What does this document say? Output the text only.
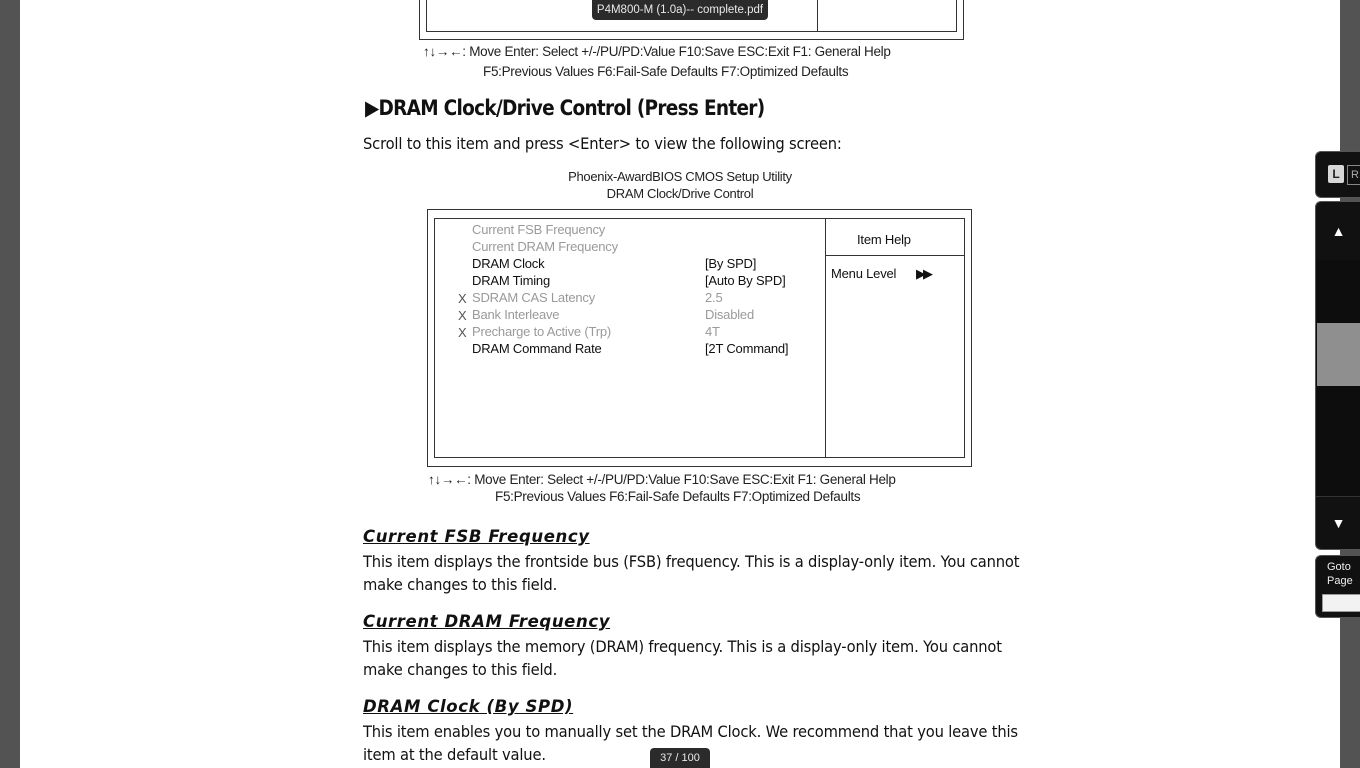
↑↓→←: Move Enter: Select +/-/PU/PD:Value F10:Save ESC:Exit F1: General Help
F5:Previous Values F6:Fail-Safe Defaults F7:Optimized Defaults
▶DRAM Clock/Drive Control (Press Enter)
Scroll to this item and press <Enter> to view the following screen:
Phoenix-AwardBIOS CMOS Setup Utility
DRAM Clock/Drive Control
Item Help
Menu Level ▶▶
Current FSB Frequency
Current DRAM Frequency
DRAM Clock	[By SPD]
DRAM Timing	[Auto By SPD]
X SDRAM CAS Latency	2.5
X Bank Interleave	Disabled
X Precharge to Active (Trp)	4T
DRAM Command Rate	[2T Command]
↑↓→←: Move Enter: Select +/-/PU/PD:Value F10:Save ESC:Exit F1: General Help
F5:Previous Values F6:Fail-Safe Defaults F7:Optimized Defaults
Current FSB Frequency
This item displays the frontside bus (FSB) frequency. This is a display-only item. You cannot make changes to this field.
Current DRAM Frequency
This item displays the memory (DRAM) frequency. This is a display-only item. You cannot make changes to this field.
DRAM Clock (By SPD)
This item enables you to manually set the DRAM Clock. We recommend that you leave this item at the default value.
P4M800-M (1.0a)-- complete.pdf
37 / 100
L	R
▲
▼
Goto Page
